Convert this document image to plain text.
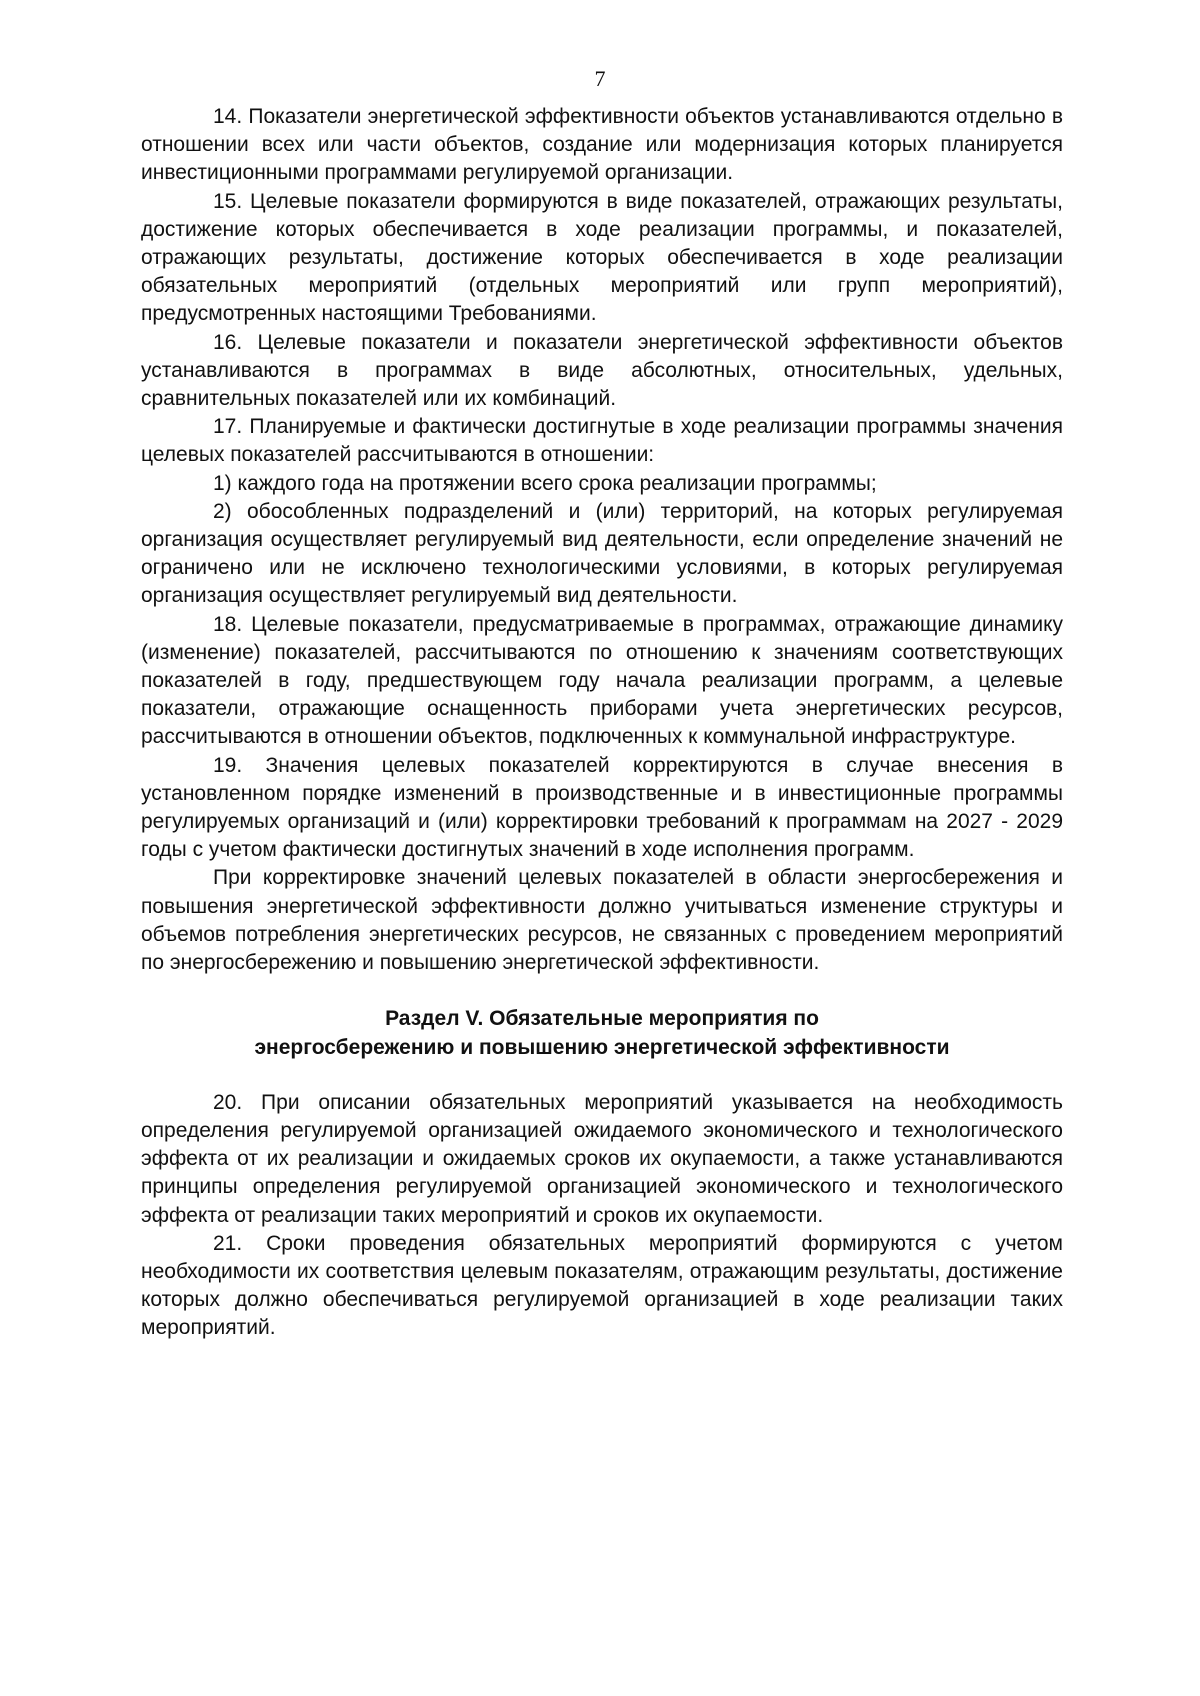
7

14. Показатели энергетической эффективности объектов устанавливаются отдельно в отношении всех или части объектов, создание или модернизация которых планируется инвестиционными программами регулируемой организации.

15. Целевые показатели формируются в виде показателей, отражающих результаты, достижение которых обеспечивается в ходе реализации программы, и показателей, отражающих результаты, достижение которых обеспечивается в ходе реализации обязательных мероприятий (отдельных мероприятий или групп мероприятий), предусмотренных настоящими Требованиями.

16. Целевые показатели и показатели энергетической эффективности объектов устанавливаются в программах в виде абсолютных, относительных, удельных, сравнительных показателей или их комбинаций.

17. Планируемые и фактически достигнутые в ходе реализации программы значения целевых показателей рассчитываются в отношении:

1) каждого года на протяжении всего срока реализации программы;

2) обособленных подразделений и (или) территорий, на которых регулируемая организация осуществляет регулируемый вид деятельности, если определение значений не ограничено или не исключено технологическими условиями, в которых регулируемая организация осуществляет регулируемый вид деятельности.

18. Целевые показатели, предусматриваемые в программах, отражающие динамику (изменение) показателей, рассчитываются по отношению к значениям соответствующих показателей в году, предшествующем году начала реализации программ, а целевые показатели, отражающие оснащенность приборами учета энергетических ресурсов, рассчитываются в отношении объектов, подключенных к коммунальной инфраструктуре.

19. Значения целевых показателей корректируются в случае внесения в установленном порядке изменений в производственные и в инвестиционные программы регулируемых организаций и (или) корректировки требований к программам на 2027 - 2029 годы с учетом фактически достигнутых значений в ходе исполнения программ.

При корректировке значений целевых показателей в области энергосбережения и повышения энергетической эффективности должно учитываться изменение структуры и объемов потребления энергетических ресурсов, не связанных с проведением мероприятий по энергосбережению и повышению энергетической эффективности.

Раздел V. Обязательные мероприятия по
энергосбережению и повышению энергетической эффективности

20. При описании обязательных мероприятий указывается на необходимость определения регулируемой организацией ожидаемого экономического и технологического эффекта от их реализации и ожидаемых сроков их окупаемости, а также устанавливаются принципы определения регулируемой организацией экономического и технологического эффекта от реализации таких мероприятий и сроков их окупаемости.

21. Сроки проведения обязательных мероприятий формируются с учетом необходимости их соответствия целевым показателям, отражающим результаты, достижение которых должно обеспечиваться регулируемой организацией в ходе реализации таких мероприятий.
